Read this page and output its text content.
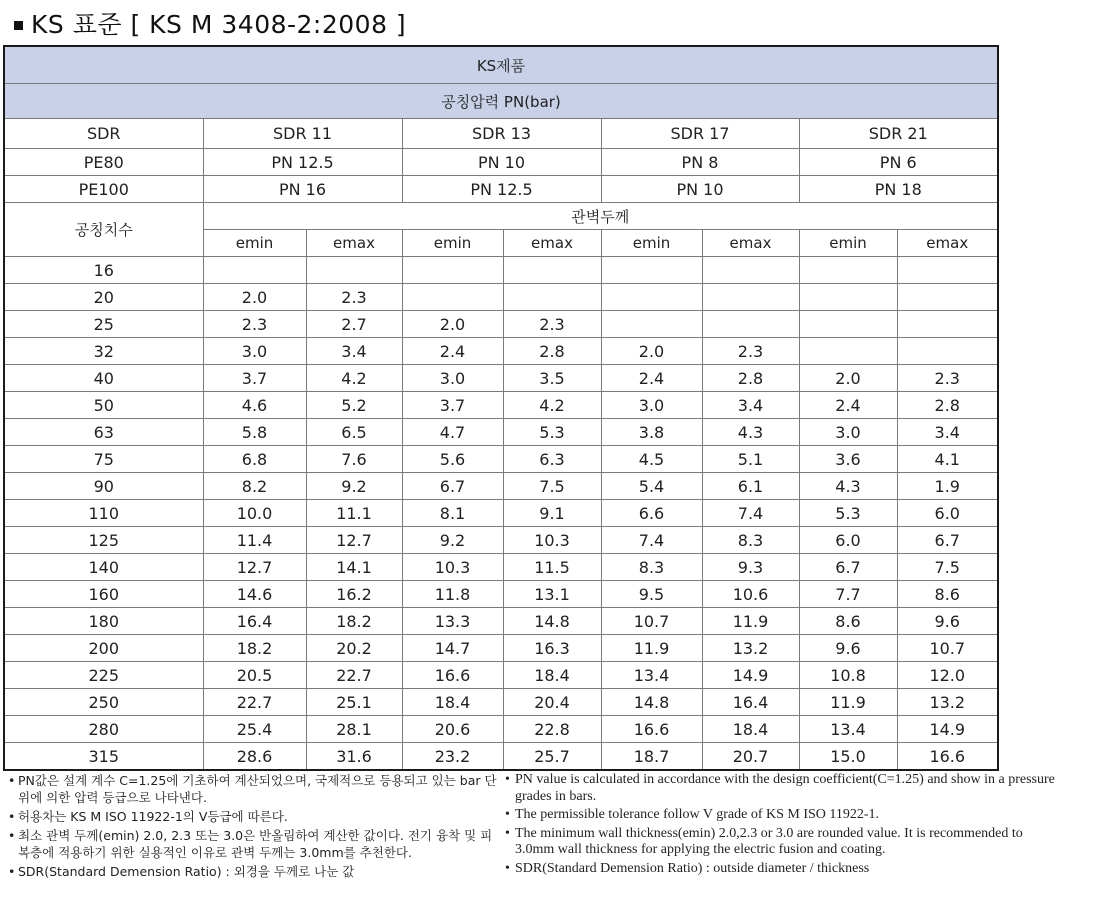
KS 표준 [ KS M 3408-2:2008 ]
KS제품								
공칭압력 PN(bar)								
SDR	SDR 11		SDR 13		SDR 17		SDR 21	
PE80	PN 12.5		PN 10		PN 8		PN 6	
PE100	PN 16		PN 12.5		PN 10		PN 18	
공칭치수	관벽두께							
	emin	emax	emin	emax	emin	emax	emin	emax
16								
20	2.0	2.3						
25	2.3	2.7	2.0	2.3				
32	3.0	3.4	2.4	2.8	2.0	2.3		
40	3.7	4.2	3.0	3.5	2.4	2.8	2.0	2.3
50	4.6	5.2	3.7	4.2	3.0	3.4	2.4	2.8
63	5.8	6.5	4.7	5.3	3.8	4.3	3.0	3.4
75	6.8	7.6	5.6	6.3	4.5	5.1	3.6	4.1
90	8.2	9.2	6.7	7.5	5.4	6.1	4.3	1.9
110	10.0	11.1	8.1	9.1	6.6	7.4	5.3	6.0
125	11.4	12.7	9.2	10.3	7.4	8.3	6.0	6.7
140	12.7	14.1	10.3	11.5	8.3	9.3	6.7	7.5
160	14.6	16.2	11.8	13.1	9.5	10.6	7.7	8.6
180	16.4	18.2	13.3	14.8	10.7	11.9	8.6	9.6
200	18.2	20.2	14.7	16.3	11.9	13.2	9.6	10.7
225	20.5	22.7	16.6	18.4	13.4	14.9	10.8	12.0
250	22.7	25.1	18.4	20.4	14.8	16.4	11.9	13.2
280	25.4	28.1	20.6	22.8	16.6	18.4	13.4	14.9
315	28.6	31.6	23.2	25.7	18.7	20.7	15.0	16.6
• PN값은 설계 계수 C=1.25에 기초하여 계산되었으며, 국제적으로 등용되고 있는 bar 단위에 의한 압력 등급으로 나타낸다.
• 허용차는 KS M ISO 11922-1의 V등급에 따른다.
• 최소 관벽 두께(emin) 2.0, 2.3 또는 3.0은 반올림하여 계산한 값이다. 전기 융착 및 피복층에 적용하기 위한 실용적인 이유로 관벽 두께는 3.0mm를 추천한다.
• SDR(Standard Demension Ratio) : 외경을 두께로 나눈 값
• PN value is calculated in accordance with the design coefficient(C=1.25) and show in a pressure grades in bars.
• The permissible tolerance follow V grade of KS M ISO 11922-1.
• The minimum wall thickness(emin) 2.0,2.3 or 3.0 are rounded value. It is recommended to 3.0mm wall thickness for applying the electric fusion and coating.
• SDR(Standard Demension Ratio) : outside diameter / thickness
